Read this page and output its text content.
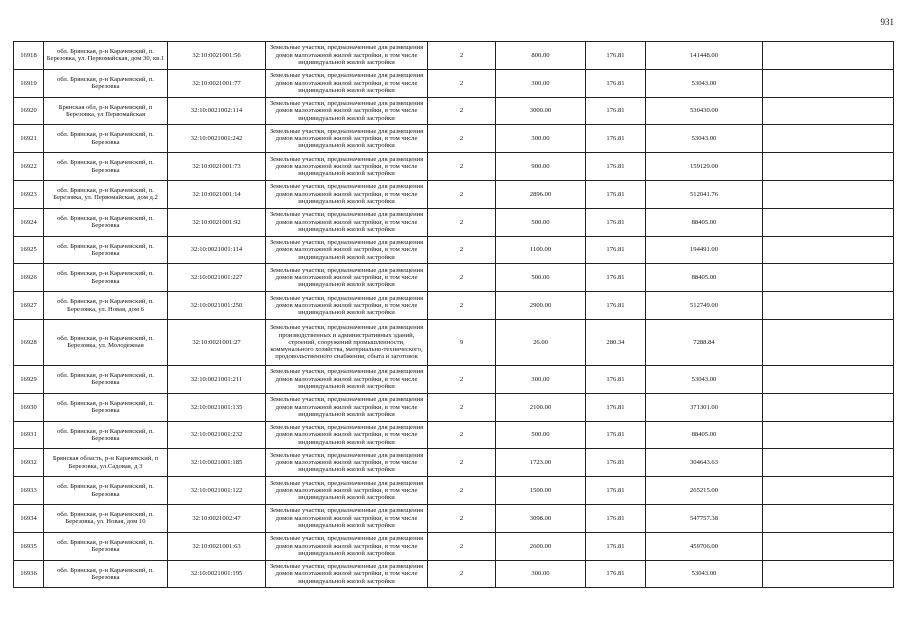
931
16918	обл. Брянская, р-н Карачевский, п. Березовка, ул. Первомайская, дом 30, кв.1	32:10:0021001:56	Земельные участки, предназначенные для размещения домов малоэтажной жилой застройки, в том числе индивидуальной жилой застройки	2	800.00	176.81	141448.00	
16919	обл. Брянская, р-н Карачевский, п. Березовка	32:10:0021001:77	Земельные участки, предназначенные для размещения домов малоэтажной жилой застройки, в том числе индивидуальной жилой застройки	2	300.00	176.81	53043.00	
16920	Брянская обл, р-н Карачевский, п Березовка, ул Первомайская	32:10:0021002:114	Земельные участки, предназначенные для размещения домов малоэтажной жилой застройки, в том числе индивидуальной жилой застройки	2	3000.00	176.81	530430.00	
16921	обл. Брянская, р-н Карачевский, п. Березовка	32:10:0021001:242	Земельные участки, предназначенные для размещения домов малоэтажной жилой застройки, в том числе индивидуальной жилой застройки	2	300.00	176.81	53043.00	
16922	обл. Брянская, р-н Карачевский, п. Березовка	32:10:0021001:73	Земельные участки, предназначенные для размещения домов малоэтажной жилой застройки, в том числе индивидуальной жилой застройки	2	900.00	176.81	159129.00	
16923	обл. Брянская, р-н Карачевский, п. Березовка, ул. Первомайская, дом д.2	32:10:0021001:14	Земельные участки, предназначенные для размещения домов малоэтажной жилой застройки, в том числе индивидуальной жилой застройки	2	2896.00	176.81	512041.76	
16924	обл. Брянская, р-н Карачевский, п. Березовка	32:10:0021001:92	Земельные участки, предназначенные для размещения домов малоэтажной жилой застройки, в том числе индивидуальной жилой застройки	2	500.00	176.81	88405.00	
16925	обл. Брянская, р-н Карачевский, п. Березовка	32:10:0021001:114	Земельные участки, предназначенные для размещения домов малоэтажной жилой застройки, в том числе индивидуальной жилой застройки	2	1100.00	176.81	194491.00	
16926	обл. Брянская, р-н Карачевский, п. Березовка	32:10:0021001:227	Земельные участки, предназначенные для размещения домов малоэтажной жилой застройки, в том числе индивидуальной жилой застройки	2	500.00	176.81	88405.00	
16927	обл. Брянская, р-н Карачевский, п. Березовка, ул. Новая, дом 6	32:10:0021001:250	Земельные участки, предназначенные для размещения домов малоэтажной жилой застройки, в том числе индивидуальной жилой застройки	2	2900.00	176.81	512749.00	
16928	обл. Брянская, р-н Карачевский, п. Березовка, ул. Молодежная	32:10:0021001:27	Земельные участки, предназначенные для размещения производственных и административных зданий, строений, сооружений промышленности, коммунального хозяйства, материально-технического, продовольственного снабжения, сбыта и заготовок	9	26.00	280.34	7288.84	
16929	обл. Брянская, р-н Карачевский, п. Березовка	32:10:0021001:211	Земельные участки, предназначенные для размещения домов малоэтажной жилой застройки, в том числе индивидуальной жилой застройки	2	300.00	176.81	53043.00	
16930	обл. Брянская, р-н Карачевский, п. Березовка	32:10:0021001:135	Земельные участки, предназначенные для размещения домов малоэтажной жилой застройки, в том числе индивидуальной жилой застройки	2	2100.00	176.81	371301.00	
16931	обл. Брянская, р-н Карачевский, п. Березовка	32:10:0021001:232	Земельные участки, предназначенные для размещения домов малоэтажной жилой застройки, в том числе индивидуальной жилой застройки	2	500.00	176.81	88405.00	
16932	Брянская область, р-н Карачевский, п Березовка, ул.Садовая, д 3	32:10:0021001:185	Земельные участки, предназначенные для размещения домов малоэтажной жилой застройки, в том числе индивидуальной жилой застройки	2	1723.00	176.81	304643.63	
16933	обл. Брянская, р-н Карачевский, п. Березовка	32:10:0021001:122	Земельные участки, предназначенные для размещения домов малоэтажной жилой застройки, в том числе индивидуальной жилой застройки	2	1500.00	176.81	265215.00	
16934	обл. Брянская, р-н Карачевский, п. Березовка, ул. Новая, дом 10	32:10:0021002:47	Земельные участки, предназначенные для размещения домов малоэтажной жилой застройки, в том числе индивидуальной жилой застройки	2	3098.00	176.81	547757.38	
16935	обл. Брянская, р-н Карачевский, п. Березовка	32:10:0021001:63	Земельные участки, предназначенные для размещения домов малоэтажной жилой застройки, в том числе индивидуальной жилой застройки	2	2600.00	176.81	459706.00	
16936	обл. Брянская, р-н Карачевский, п. Березовка	32:10:0021001:195	Земельные участки, предназначенные для размещения домов малоэтажной жилой застройки, в том числе индивидуальной жилой застройки	2	300.00	176.81	53043.00	
